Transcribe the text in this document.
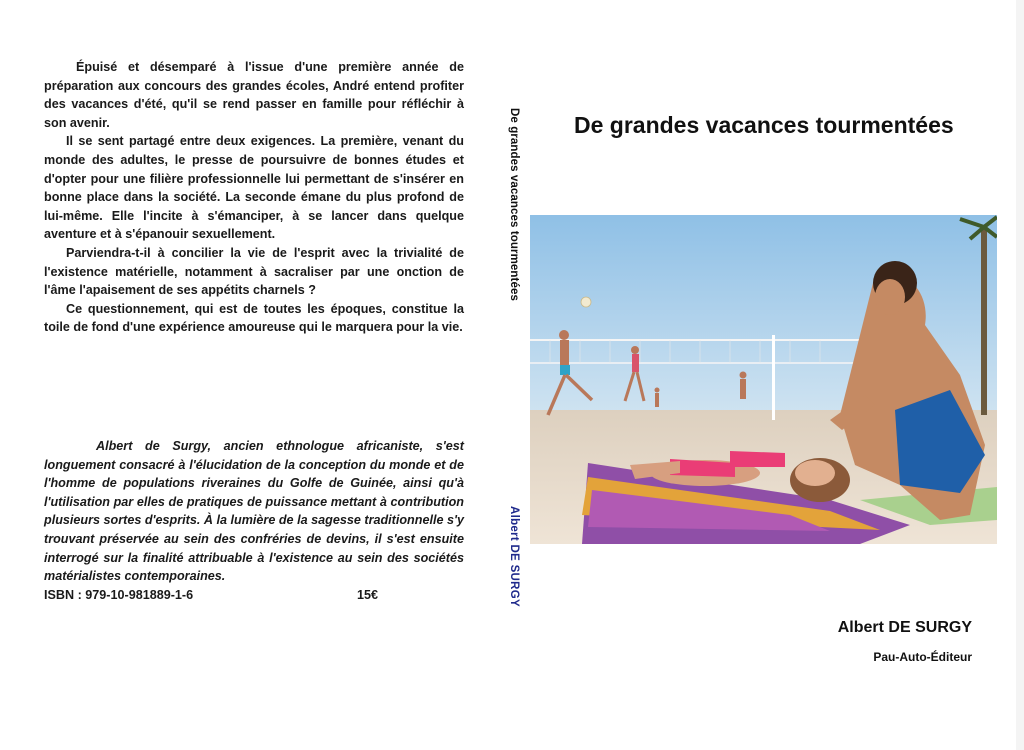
Épuisé et désemparé à l'issue d'une première année de préparation aux concours des grandes écoles, André entend profiter des vacances d'été, qu'il se rend passer en famille pour réfléchir à son avenir.

Il se sent partagé entre deux exigences. La première, venant du monde des adultes, le presse de poursuivre de bonnes études et d'opter pour une filière professionnelle lui permettant de s'insérer en bonne place dans la société. La seconde émane du plus profond de lui-même. Elle l'incite à s'émanciper, à se lancer dans quelque aventure et à s'épanouir sexuellement.

Parviendra-t-il à concilier la vie de l'esprit avec la trivialité de l'existence matérielle, notamment à sacraliser par une onction de l'âme l'apaisement de ses appétits charnels ?

Ce questionnement, qui est de toutes les époques, constitue la toile de fond d'une expérience amoureuse qui le marquera pour la vie.

Albert de Surgy, ancien ethnologue africaniste, s'est longuement consacré à l'élucidation de la conception du monde et de l'homme de populations riveraines du Golfe de Guinée, ainsi qu'à l'utilisation par elles de pratiques de puissance mettant à contribution plusieurs sortes d'esprits. À la lumière de la sagesse traditionnelle s'y trouvant préservée au sein des confréries de devins, il s'est ensuite interrogé sur la finalité attribuable à l'existence au sein des sociétés matérialistes contemporaines.

ISBN : 979-10-981889-1-6	15€
De grandes vacances tourmentées
Albert DE SURGY
De grandes vacances tourmentées
Albert DE SURGY
Pau-Auto-Éditeur
